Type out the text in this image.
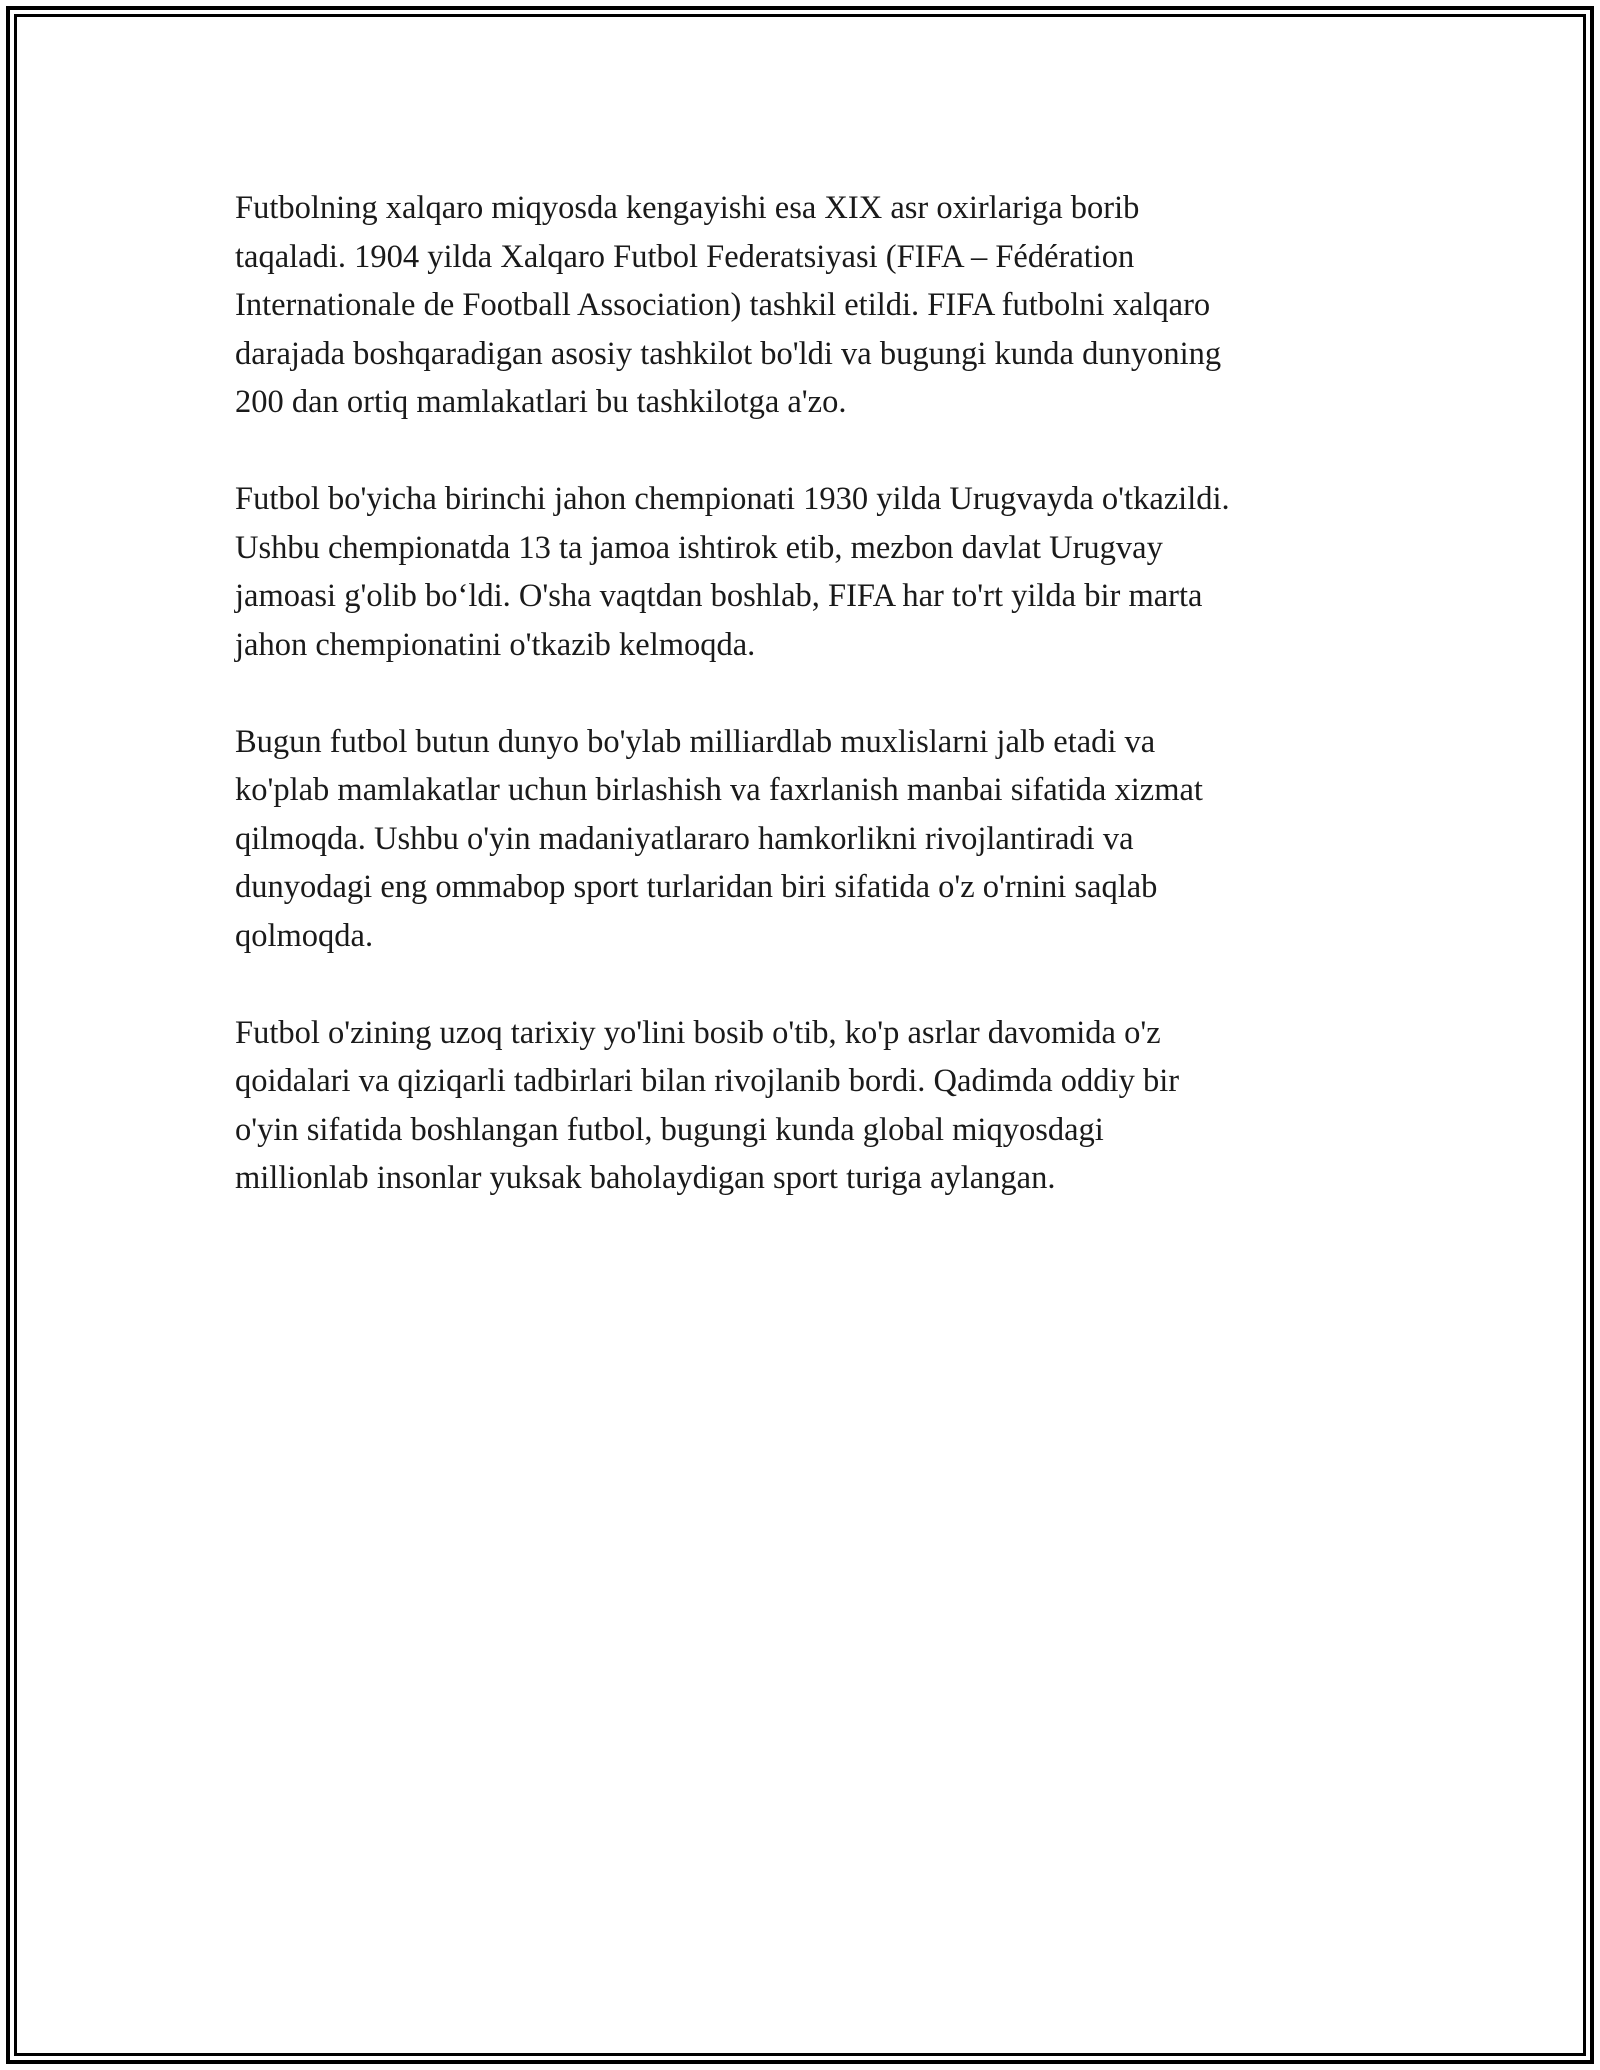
Futbolning xalqaro miqyosda kengayishi esa XIX asr oxirlariga borib
taqaladi. 1904 yilda Xalqaro Futbol Federatsiyasi (FIFA – Fédération
Internationale de Football Association) tashkil etildi. FIFA futbolni xalqaro
darajada boshqaradigan asosiy tashkilot bo'ldi va bugungi kunda dunyoning
200 dan ortiq mamlakatlari bu tashkilotga a'zo.

Futbol bo'yicha birinchi jahon chempionati 1930 yilda Urugvayda o'tkazildi.
Ushbu chempionatda 13 ta jamoa ishtirok etib, mezbon davlat Urugvay
jamoasi g'olib bo‘ldi. O'sha vaqtdan boshlab, FIFA har to'rt yilda bir marta
jahon chempionatini o'tkazib kelmoqda.

Bugun futbol butun dunyo bo'ylab milliardlab muxlislarni jalb etadi va
ko'plab mamlakatlar uchun birlashish va faxrlanish manbai sifatida xizmat
qilmoqda. Ushbu o'yin madaniyatlararo hamkorlikni rivojlantiradi va
dunyodagi eng ommabop sport turlaridan biri sifatida o'z o'rnini saqlab
qolmoqda.

Futbol o'zining uzoq tarixiy yo'lini bosib o'tib, ko'p asrlar davomida o'z
qoidalari va qiziqarli tadbirlari bilan rivojlanib bordi. Qadimda oddiy bir
o'yin sifatida boshlangan futbol, bugungi kunda global miqyosdagi
millionlab insonlar yuksak baholaydigan sport turiga aylangan.
